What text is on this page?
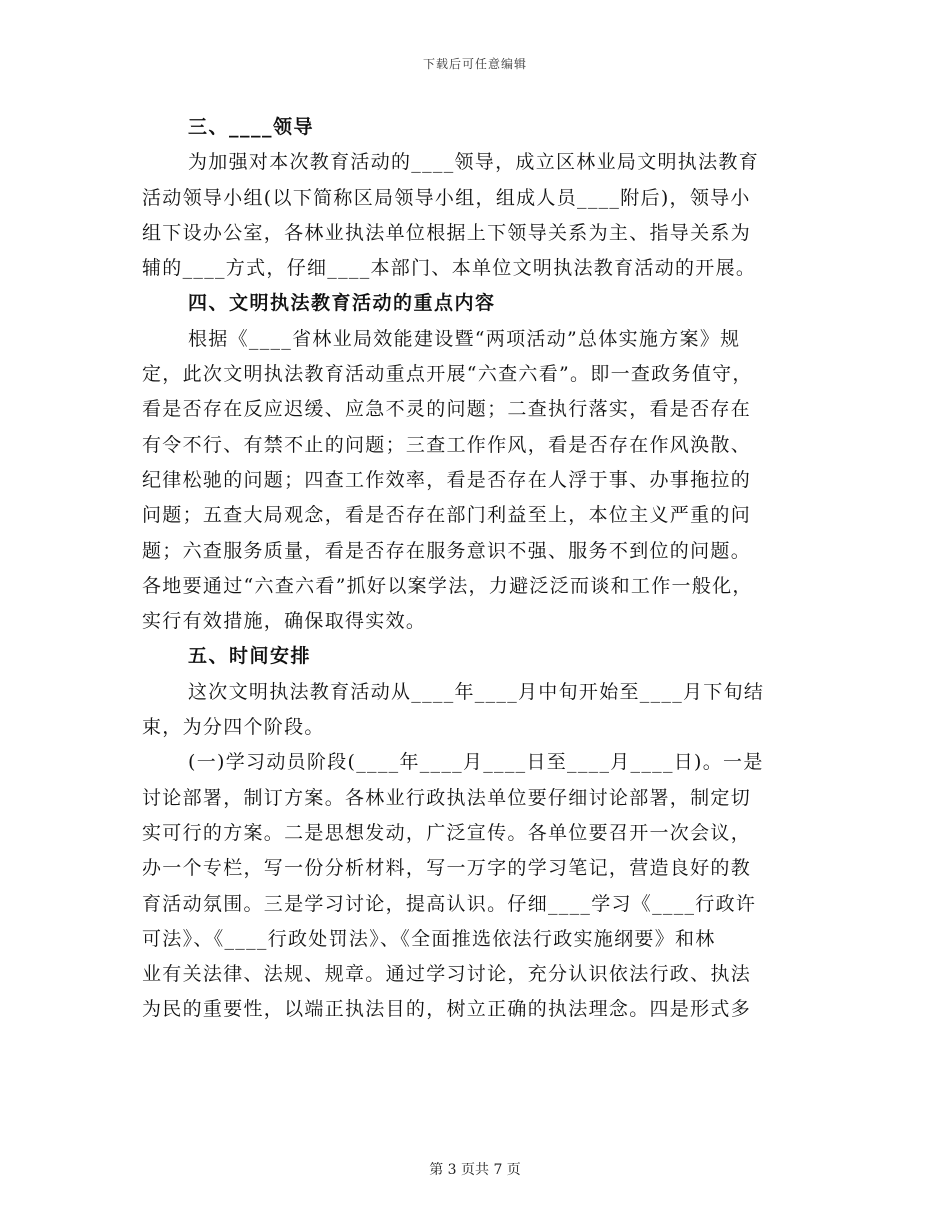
下载后可任意编辑

三、____领导

为加强对本次教育活动的____领导，成立区林业局文明执法教育

活动领导小组(以下简称区局领导小组，组成人员____附后)，领导小

组下设办公室，各林业执法单位根据上下领导关系为主、指导关系为

辅的____方式，仔细____本部门、本单位文明执法教育活动的开展。

四、文明执法教育活动的重点内容

根据《____省林业局效能建设暨“两项活动”总体实施方案》规

定，此次文明执法教育活动重点开展“六查六看”。即一查政务值守，

看是否存在反应迟缓、应急不灵的问题；二查执行落实，看是否存在

有令不行、有禁不止的问题；三查工作作风，看是否存在作风涣散、

纪律松驰的问题；四查工作效率，看是否存在人浮于事、办事拖拉的

问题；五查大局观念，看是否存在部门利益至上，本位主义严重的问

题；六查服务质量，看是否存在服务意识不强、服务不到位的问题。

各地要通过“六查六看”抓好以案学法，力避泛泛而谈和工作一般化，

实行有效措施，确保取得实效。

五、时间安排

这次文明执法教育活动从____年____月中旬开始至____月下旬结

束，为分四个阶段。

(一)学习动员阶段(____年____月____日至____月____日)。一是

讨论部署，制订方案。各林业行政执法单位要仔细讨论部署，制定切

实可行的方案。二是思想发动，广泛宣传。各单位要召开一次会议，

办一个专栏，写一份分析材料，写一万字的学习笔记，营造良好的教

育活动氛围。三是学习讨论，提高认识。仔细____学习《____行政许

可法》、《____行政处罚法》、《全面推选依法行政实施纲要》和林

业有关法律、法规、规章。通过学习讨论，充分认识依法行政、执法

为民的重要性，以端正执法目的，树立正确的执法理念。四是形式多

第 3 页共 7 页
